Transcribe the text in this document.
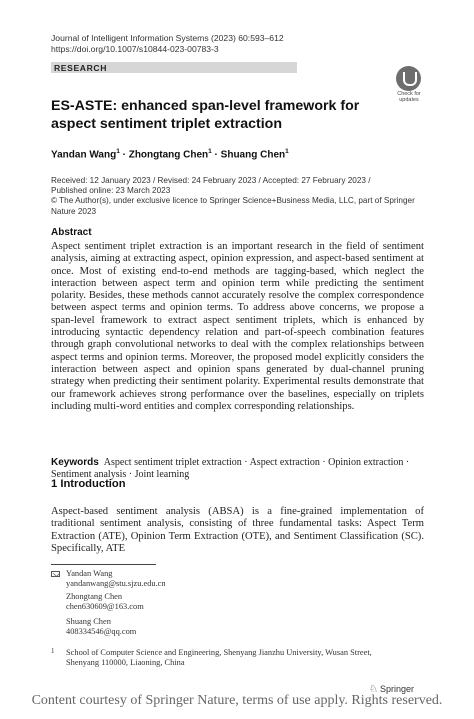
Journal of Intelligent Information Systems (2023) 60:593–612
https://doi.org/10.1007/s10844-023-00783-3
RESEARCH
Check for updates
ES-ASTE: enhanced span-level framework for aspect sentiment triplet extraction
Yandan Wang$^1$ · Zhongtang Chen$^1$ · Shuang Chen$^1$
Received: 12 January 2023 / Revised: 24 February 2023 / Accepted: 27 February 2023 /
Published online: 23 March 2023
© The Author(s), under exclusive licence to Springer Science+Business Media, LLC, part of Springer Nature 2023
Abstract
Aspect sentiment triplet extraction is an important research in the field of sentiment analysis, aiming at extracting aspect, opinion expression, and aspect-based sentiment at once. Most of existing end-to-end methods are tagging-based, which neglect the interaction between aspect term and opinion term while predicting the sentiment polarity. Besides, these methods cannot accurately resolve the complex correspondence between aspect terms and opinion terms. To address above concerns, we propose a span-level framework to extract aspect sentiment triplets, which is enhanced by introducing syntactic dependency relation and part-of-speech combination features through graph convolutional networks to deal with the complex relationships between aspect terms and opinion terms. Moreover, the proposed model explicitly considers the interaction between aspect and opinion spans generated by dual-channel pruning strategy when predicting their sentiment polarity. Experimental results demonstrate that our framework achieves strong performance over the baselines, especially on triplets including multi-word entities and complex corresponding relationships.
Keywords Aspect sentiment triplet extraction · Aspect extraction · Opinion extraction · Sentiment analysis · Joint learning
1 Introduction
Aspect-based sentiment analysis (ABSA) is a fine-grained implementation of traditional sentiment analysis, consisting of three fundamental tasks: Aspect Term Extraction (ATE), Opinion Term Extraction (OTE), and Sentiment Classification (SC). Specifically, ATE
Yandan Wang
yandanwang@stu.sjzu.edu.cn
Zhongtang Chen
chen630609@163.com
Shuang Chen
408334546@qq.com
1 School of Computer Science and Engineering, Shenyang Jianzhu University, Wusan Street,
Shenyang 110000, Liaoning, China
♘ Springer
Content courtesy of Springer Nature, terms of use apply. Rights reserved.
